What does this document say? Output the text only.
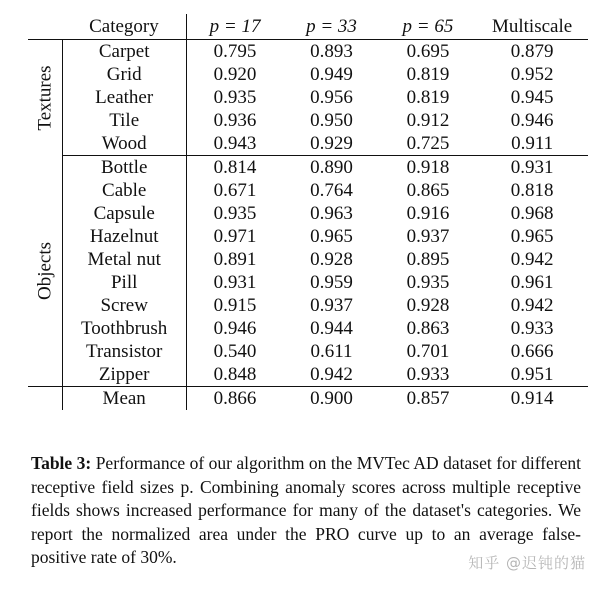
	Category	p = 17	p = 33	p = 65	Multiscale

Textures	Carpet	0.795	0.893	0.695	0.879
	Grid	0.920	0.949	0.819	0.952
	Leather	0.935	0.956	0.819	0.945
	Tile	0.936	0.950	0.912	0.946
	Wood	0.943	0.929	0.725	0.911

Objects	Bottle	0.814	0.890	0.918	0.931
	Cable	0.671	0.764	0.865	0.818
	Capsule	0.935	0.963	0.916	0.968
	Hazelnut	0.971	0.965	0.937	0.965
	Metal nut	0.891	0.928	0.895	0.942
	Pill	0.931	0.959	0.935	0.961
	Screw	0.915	0.937	0.928	0.942
	Toothbrush	0.946	0.944	0.863	0.933
	Transistor	0.540	0.611	0.701	0.666
	Zipper	0.848	0.942	0.933	0.951
	Mean	0.866	0.900	0.857	0.914
Table 3: Performance of our algorithm on the MVTec AD dataset for different receptive field sizes p. Combining anomaly scores across multiple receptive fields shows increased performance for many of the dataset's categories. We report the normalized area under the PRO curve up to an average false-positive rate of 30%.	知乎 @迟钝的猫
